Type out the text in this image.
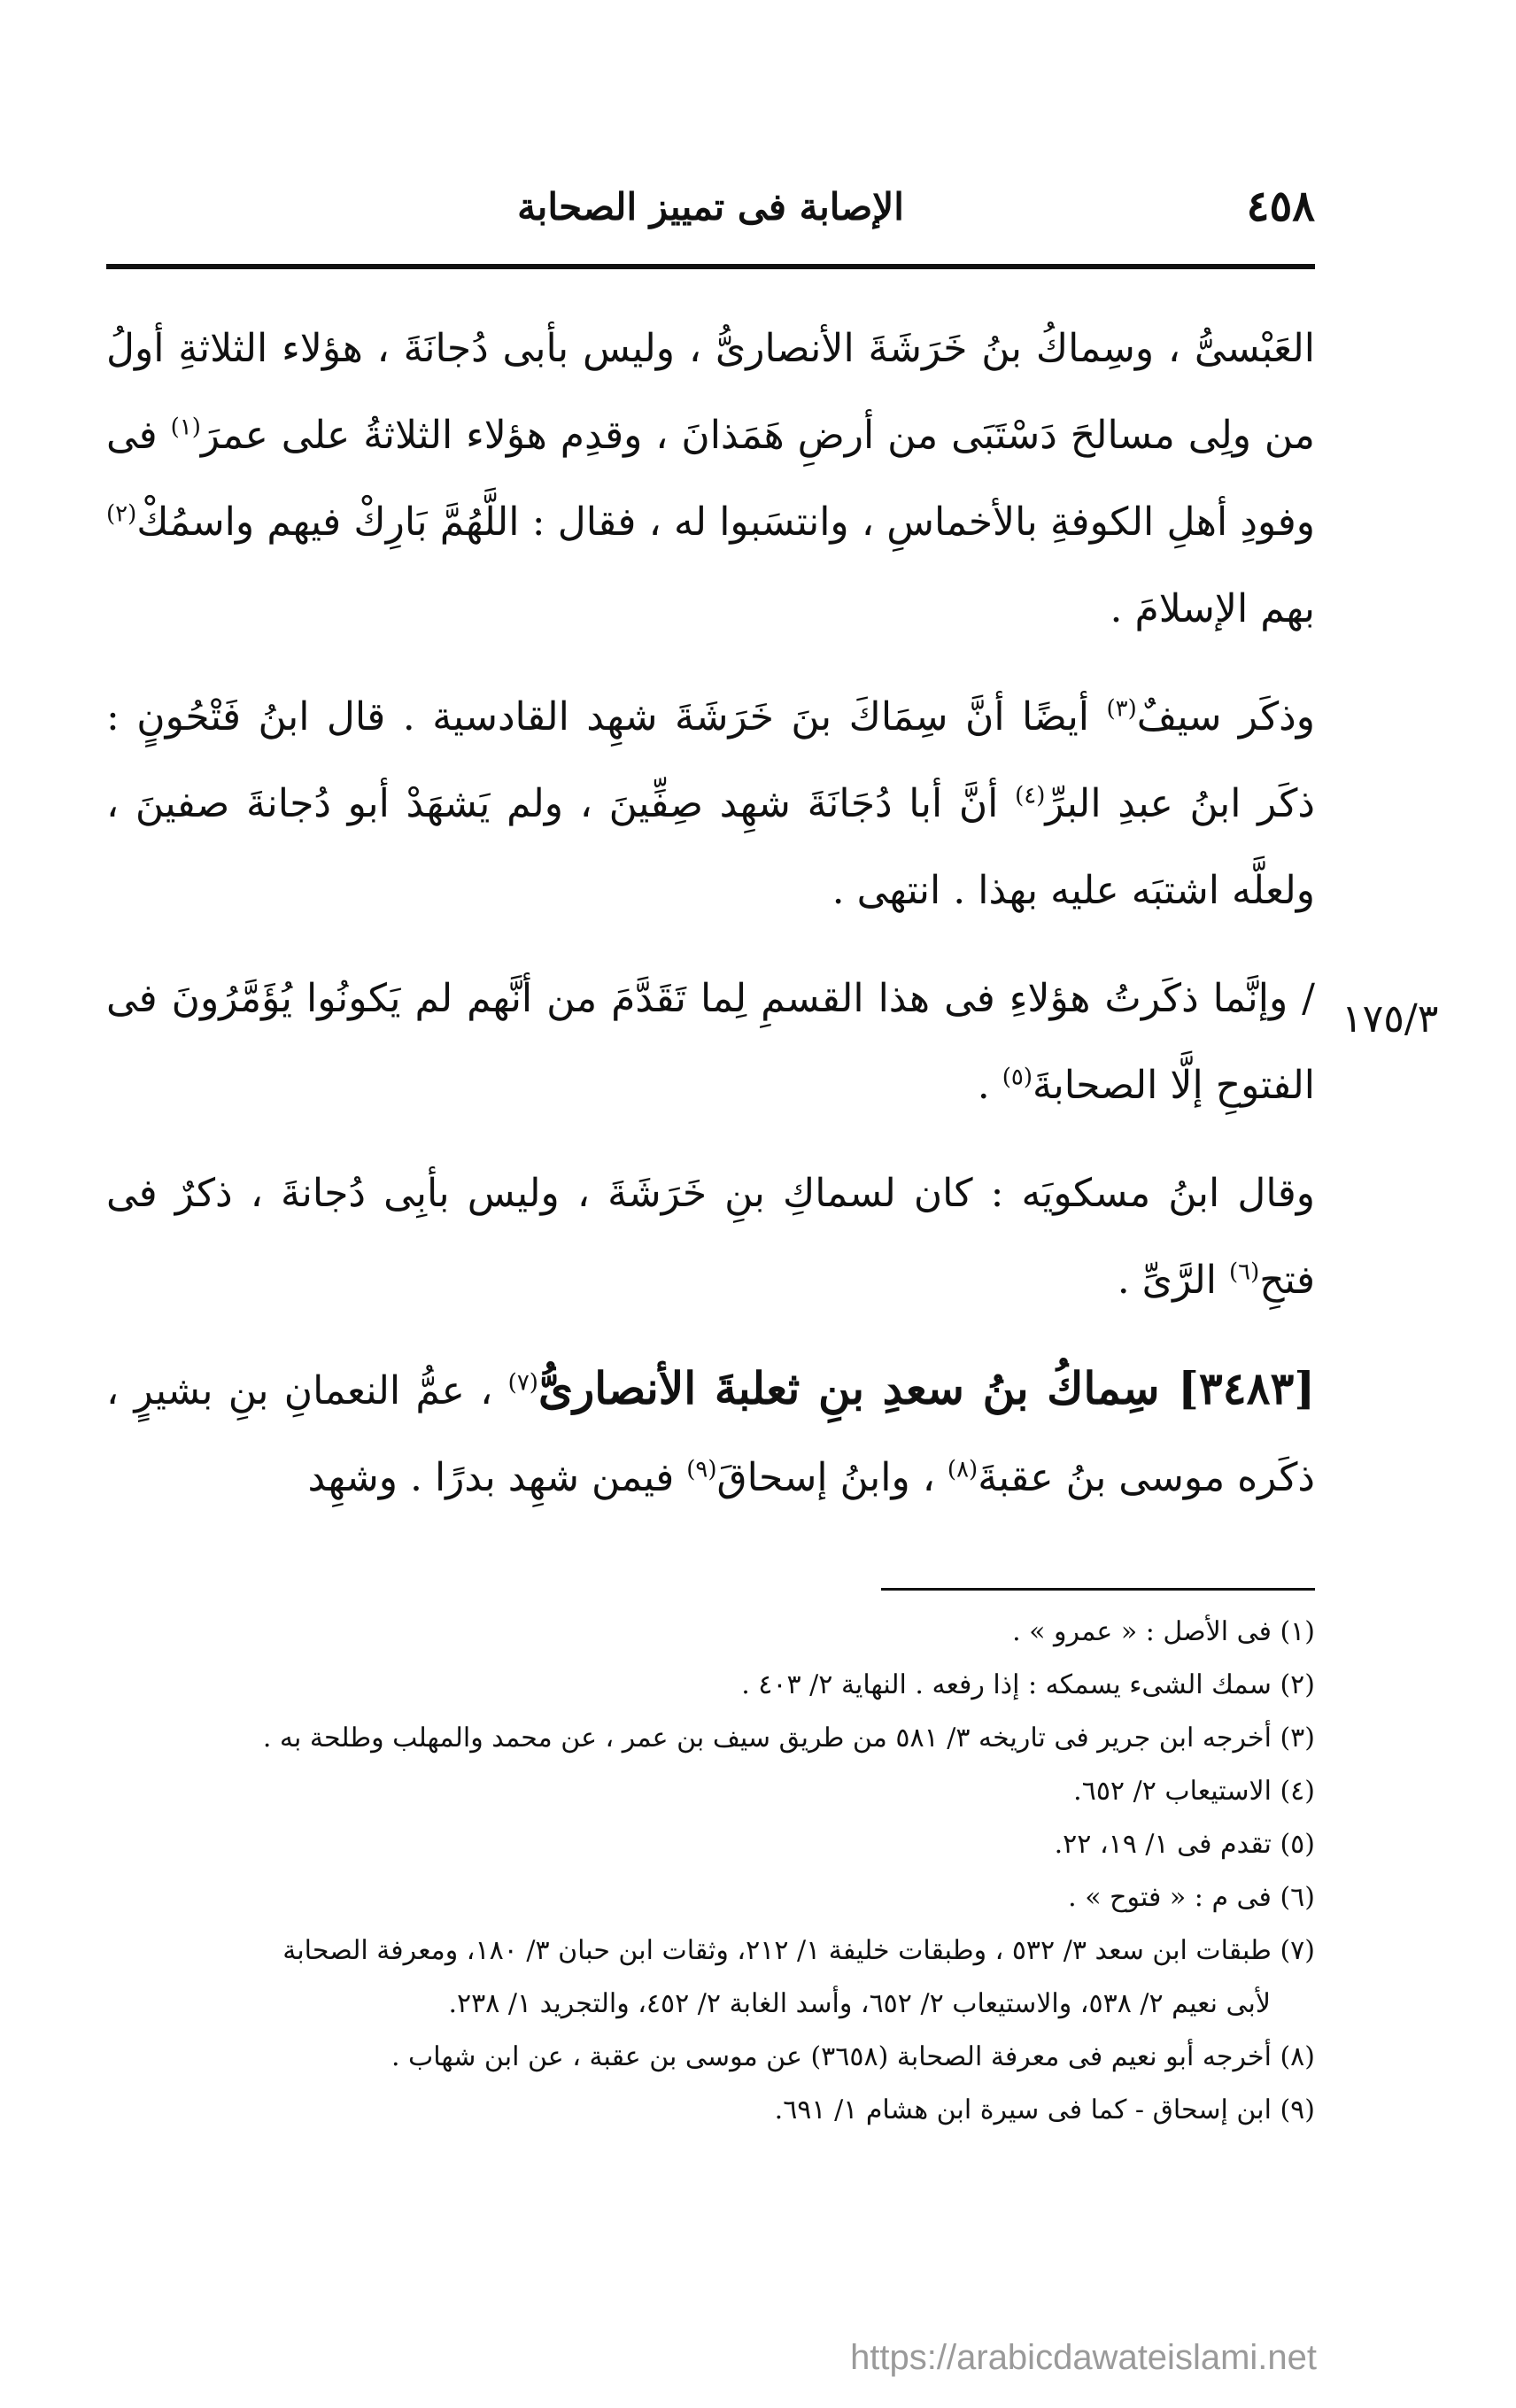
٤٥٨
الإصابة فى تمييز الصحابة
١٧٥/٣

العَبْسىُّ ، وسِماكُ بنُ خَرَشَةَ الأنصارىُّ ، وليس بأبى دُجانَةَ ، هؤلاء الثلاثةِ أولُ من ولِى مسالحَ دَسْتَبَى من أرضِ هَمَذانَ ، وقدِم هؤلاء الثلاثةُ على عمرَ$^{(١)}$ فى وفودِ أهلِ الكوفةِ بالأخماسِ ، وانتسَبوا له ، فقال : اللَّهُمَّ بَارِكْ فيهم واسمُكْ$^{(٢)}$ بهم الإسلامَ .

وذكَر سيفٌ$^{(٣)}$ أيضًا أنَّ سِمَاكَ بنَ خَرَشَةَ شهِد القادسية . قال ابنُ فَتْحُونٍ : ذكَر ابنُ عبدِ البرِّ$^{(٤)}$ أنَّ أبا دُجَانَةَ شهِد صِفِّينَ ، ولم يَشهَدْ أبو دُجانةَ صفينَ ، ولعلَّه اشتبَه عليه بهذا . انتهى .

/ وإنَّما ذكَرتُ هؤلاءِ فى هذا القسمِ لِما تَقَدَّمَ من أنَّهم لم يَكونُوا يُؤَمَّرُونَ فى الفتوحِ إلَّا الصحابةَ$^{(٥)}$ .

وقال ابنُ مسكويَه : كان لسماكِ بنِ خَرَشَةَ ، وليس بأبِى دُجانةَ ، ذكرٌ فى فتحِ$^{(٦)}$ الرَّىِّ .

[٣٤٨٣] سِماكُ بنُ سعدِ بنِ ثعلبةَ الأنصارىُّ$^{(٧)}$ ، عمُّ النعمانِ بنِ بشيرٍ ، ذكَره موسى بنُ عقبةَ$^{(٨)}$ ، وابنُ إسحاقَ$^{(٩)}$ فيمن شهِد بدرًا . وشهِد

(١) فى الأصل : « عمرو » .
(٢) سمك الشىء يسمكه : إذا رفعه . النهاية ٢/ ٤٠٣ .
(٣) أخرجه ابن جرير فى تاريخه ٣/ ٥٨١ من طريق سيف بن عمر ، عن محمد والمهلب وطلحة به .
(٤) الاستيعاب ٢/ ٦٥٢.
(٥) تقدم فى ١/ ١٩، ٢٢.
(٦) فى م : « فتوح » .
(٧) طبقات ابن سعد ٣/ ٥٣٢ ، وطبقات خليفة ١/ ٢١٢، وثقات ابن حبان ٣/ ١٨٠، ومعرفة الصحابة
لأبى نعيم ٢/ ٥٣٨، والاستيعاب ٢/ ٦٥٢، وأسد الغابة ٢/ ٤٥٢، والتجريد ١/ ٢٣٨.
(٨) أخرجه أبو نعيم فى معرفة الصحابة (٣٦٥٨) عن موسى بن عقبة ، عن ابن شهاب .
(٩) ابن إسحاق - كما فى سيرة ابن هشام ١/ ٦٩١.
https://arabicdawateislami.net
